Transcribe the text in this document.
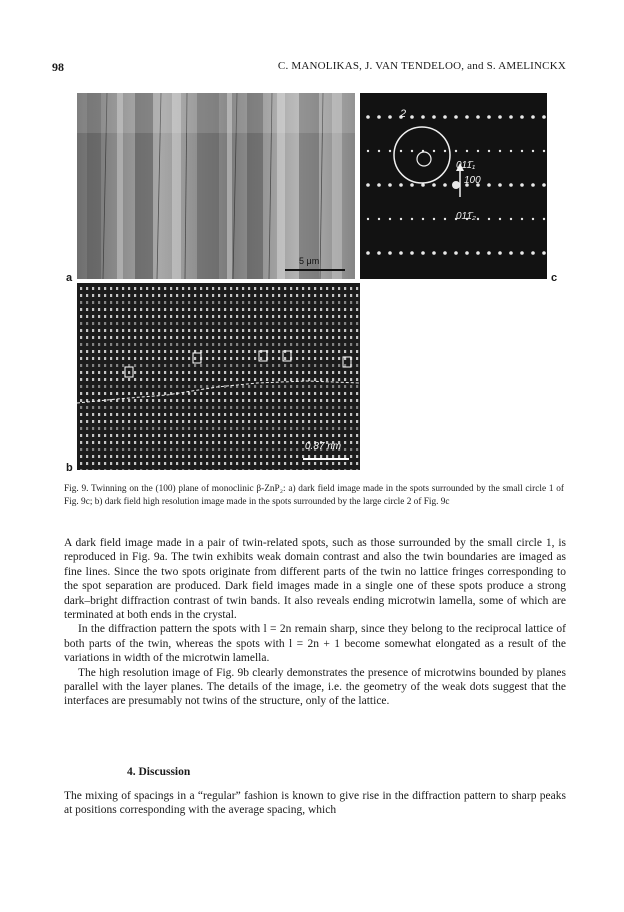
98	C. MANOLIKAS, J. VAN TENDELOO, and S. AMELINCKX
5 μm
2
1	011̄₁
100
011̄₂
0.87 nm
a	c
b
Fig. 9. Twinning on the (100) plane of monoclinic β-ZnP₂: a) dark field image made in the spots surrounded by the small circle 1 of Fig. 9c; b) dark field high resolution image made in the spots surrounded by the large circle 2 of Fig. 9c

A dark field image made in a pair of twin-related spots, such as those surrounded by the small circle 1, is reproduced in Fig. 9a. The twin exhibits weak domain contrast and also the twin boundaries are imaged as fine lines. Since the two spots originate from different parts of the twin no lattice fringes corresponding to the spot separation are produced. Dark field images made in a single one of these spots produce a strong dark–bright diffraction contrast of twin bands. It also reveals ending microtwin lamella, some of which are terminated at both ends in the crystal.

In the diffraction pattern the spots with l = 2n remain sharp, since they belong to the reciprocal lattice of both parts of the twin, whereas the spots with l = 2n + 1 become somewhat elongated as a result of the variations in width of the microtwin lamella.

The high resolution image of Fig. 9b clearly demonstrates the presence of microtwins bounded by planes parallel with the layer planes. The details of the image, i.e. the geometry of the weak dots suggest that the interfaces are presumably not twins of the structure, only of the lattice.

4. Discussion

The mixing of spacings in a “regular” fashion is known to give rise in the diffraction pattern to sharp peaks at positions corresponding with the average spacing, which
